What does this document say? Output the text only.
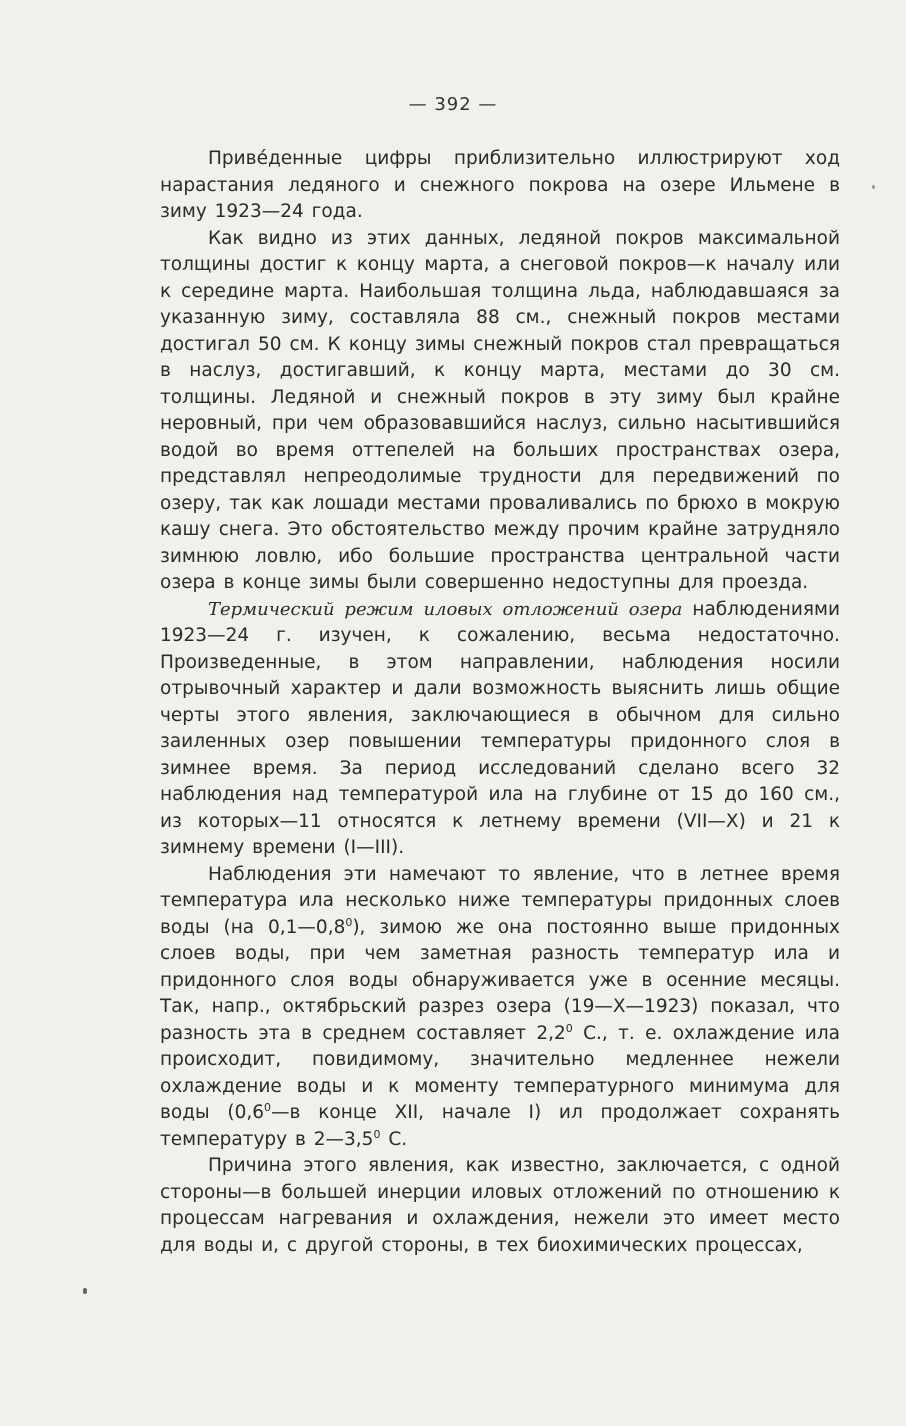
— 392 —

Привéденные цифры приблизительно иллюстрируют ход нарастания ледяного и снежного покрова на озере Ильмене в зиму 1923—24 года.

Как видно из этих данных, ледяной покров максимальной толщины достиг к концу марта, а снеговой покров—к началу или к середине марта. Наибольшая толщина льда, наблюдавшаяся за указанную зиму, составляла 88 см., снежный покров местами достигал 50 см. К концу зимы снежный покров стал превращаться в наслуз, достигавший, к концу марта, местами до 30 см. толщины. Ледяной и снежный покров в эту зиму был крайне неровный, при чем образовавшийся наслуз, сильно насытившийся водой во время оттепелей на больших пространствах озера, представлял непреодолимые трудности для передвижений по озеру, так как лошади местами проваливались по брюхо в мокрую кашу снега. Это обстоятельство между прочим крайне затрудняло зимнюю ловлю, ибо большие пространства центральной части озера в конце зимы были совершенно недоступны для проезда.

Термический режим иловых отложений озера наблюдениями 1923—24 г. изучен, к сожалению, весьма недостаточно. Произведенные, в этом направлении, наблюдения носили отрывочный характер и дали возможность выяснить лишь общие черты этого явления, заключающиеся в обычном для сильно заиленных озер повышении температуры придонного слоя в зимнее время. За период исследований сделано всего 32 наблюдения над температурой ила на глубине от 15 до 160 см., из которых—11 относятся к летнему времени (VII—X) и 21 к зимнему времени (I—III).

Наблюдения эти намечают то явление, что в летнее время температура ила несколько ниже температуры придонных слоев воды (на $0,1—0,8^0$), зимою же она постоянно выше придонных слоев воды, при чем заметная разность температур ила и придонного слоя воды обнаруживается уже в осенние месяцы. Так, напр., октябрьский разрез озера (19—X—1923) показал, что разность эта в среднем составляет $2,2^0$ С., т. е. охлаждение ила происходит, повидимому, значительно медленнее нежели охлаждение воды и к моменту температурного минимума для воды ($0,6^0—в$ конце XII, начале I) ил продолжает сохранять температуру в $2—3,5^0$ С.

Причина этого явления, как известно, заключается, с одной стороны—в большей инерции иловых отложений по отношению к процессам нагревания и охлаждения, нежели это имеет место для воды и, с другой стороны, в тех биохимических процессах,
